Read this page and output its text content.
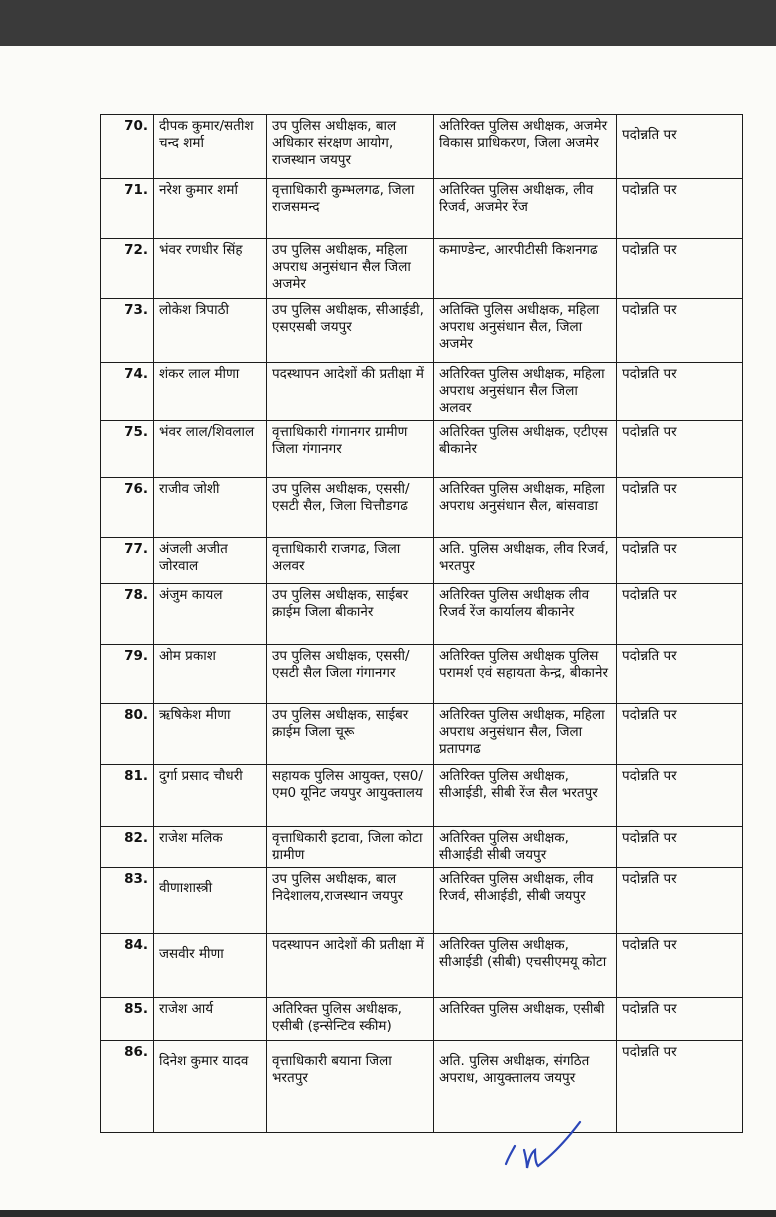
70.	दीपक कुमार/सतीश चन्द शर्मा	उप पुलिस अधीक्षक, बाल अधिकार संरक्षण आयोग, राजस्थान जयपुर	अतिरिक्त पुलिस अधीक्षक, अजमेर विकास प्राधिकरण, जिला अजमेर	पदोन्नति पर

71.	नरेश कुमार शर्मा	वृत्ताधिकारी कुम्भलगढ, जिला राजसमन्द	अतिरिक्त पुलिस अधीक्षक, लीव रिजर्व, अजमेर रेंज	पदोन्नति पर
72.	भंवर रणधीर सिंह	उप पुलिस अधीक्षक, महिला अपराध अनुसंधान सैल जिला अजमेर	कमाण्डेन्ट, आरपीटीसी किशनगढ	पदोन्नति पर
73.	लोकेश त्रिपाठी	उप पुलिस अधीक्षक, सीआईडी, एसएसबी जयपुर	अतिक्ति पुलिस अधीक्षक, महिला अपराध अनुसंधान सैल, जिला अजमेर	पदोन्नति पर
74.	शंकर लाल मीणा	पदस्थापन आदेशों की प्रतीक्षा में	अतिरिक्त पुलिस अधीक्षक, महिला अपराध अनुसंधान सैल जिला अलवर	पदोन्नति पर
75.	भंवर लाल/शिवलाल	वृत्ताधिकारी गंगानगर ग्रामीण जिला गंगानगर	अतिरिक्त पुलिस अधीक्षक, एटीएस बीकानेर	पदोन्नति पर
76.	राजीव जोशी	उप पुलिस अधीक्षक, एससी/एसटी सैल, जिला चित्तौडगढ	अतिरिक्त पुलिस अधीक्षक, महिला अपराध अनुसंधान सैल, बांसवाडा	पदोन्नति पर
77.	अंजली अजीत जोरवाल	वृत्ताधिकारी राजगढ, जिला अलवर	अति. पुलिस अधीक्षक, लीव रिजर्व, भरतपुर	पदोन्नति पर
78.	अंजुम कायल	उप पुलिस अधीक्षक, साईबर क्राईम जिला बीकानेर	अतिरिक्त पुलिस अधीक्षक लीव रिजर्व रेंज कार्यालय बीकानेर	पदोन्नति पर
79.	ओम प्रकाश	उप पुलिस अधीक्षक, एससी/एसटी सैल जिला गंगानगर	अतिरिक्त पुलिस अधीक्षक पुलिस परामर्श एवं सहायता केन्द्र, बीकानेर	पदोन्नति पर
80.	ऋषिकेश मीणा	उप पुलिस अधीक्षक, साईबर क्राईम जिला चूरू	अतिरिक्त पुलिस अधीक्षक, महिला अपराध अनुसंधान सैल, जिला प्रतापगढ	पदोन्नति पर
81.	दुर्गा प्रसाद चौधरी	सहायक पुलिस आयुक्त, एस0/एम0 यूनिट जयपुर आयुक्तालय	अतिरिक्त पुलिस अधीक्षक, सीआईडी, सीबी रेंज सैल भरतपुर	पदोन्नति पर
82.	राजेश मलिक	वृत्ताधिकारी इटावा, जिला कोटा ग्रामीण	अतिरिक्त पुलिस अधीक्षक, सीआईडी सीबी जयपुर	पदोन्नति पर
83.	वीणाशास्त्री	उप पुलिस अधीक्षक, बाल निदेशालय,राजस्थान जयपुर	अतिरिक्त पुलिस अधीक्षक, लीव रिजर्व, सीआईडी, सीबी जयपुर	पदोन्नति पर
84.	जसवीर मीणा	पदस्थापन आदेशों की प्रतीक्षा में	अतिरिक्त पुलिस अधीक्षक, सीआईडी (सीबी) एचसीएमयू कोटा	पदोन्नति पर
85.	राजेश आर्य	अतिरिक्त पुलिस अधीक्षक, एसीबी (इन्सेन्टिव स्कीम)	अतिरिक्त पुलिस अधीक्षक, एसीबी	पदोन्नति पर
86.	दिनेश कुमार यादव	वृत्ताधिकारी बयाना जिला भरतपुर	अति. पुलिस अधीक्षक, संगठित अपराध, आयुक्तालय जयपुर	पदोन्नति पर
